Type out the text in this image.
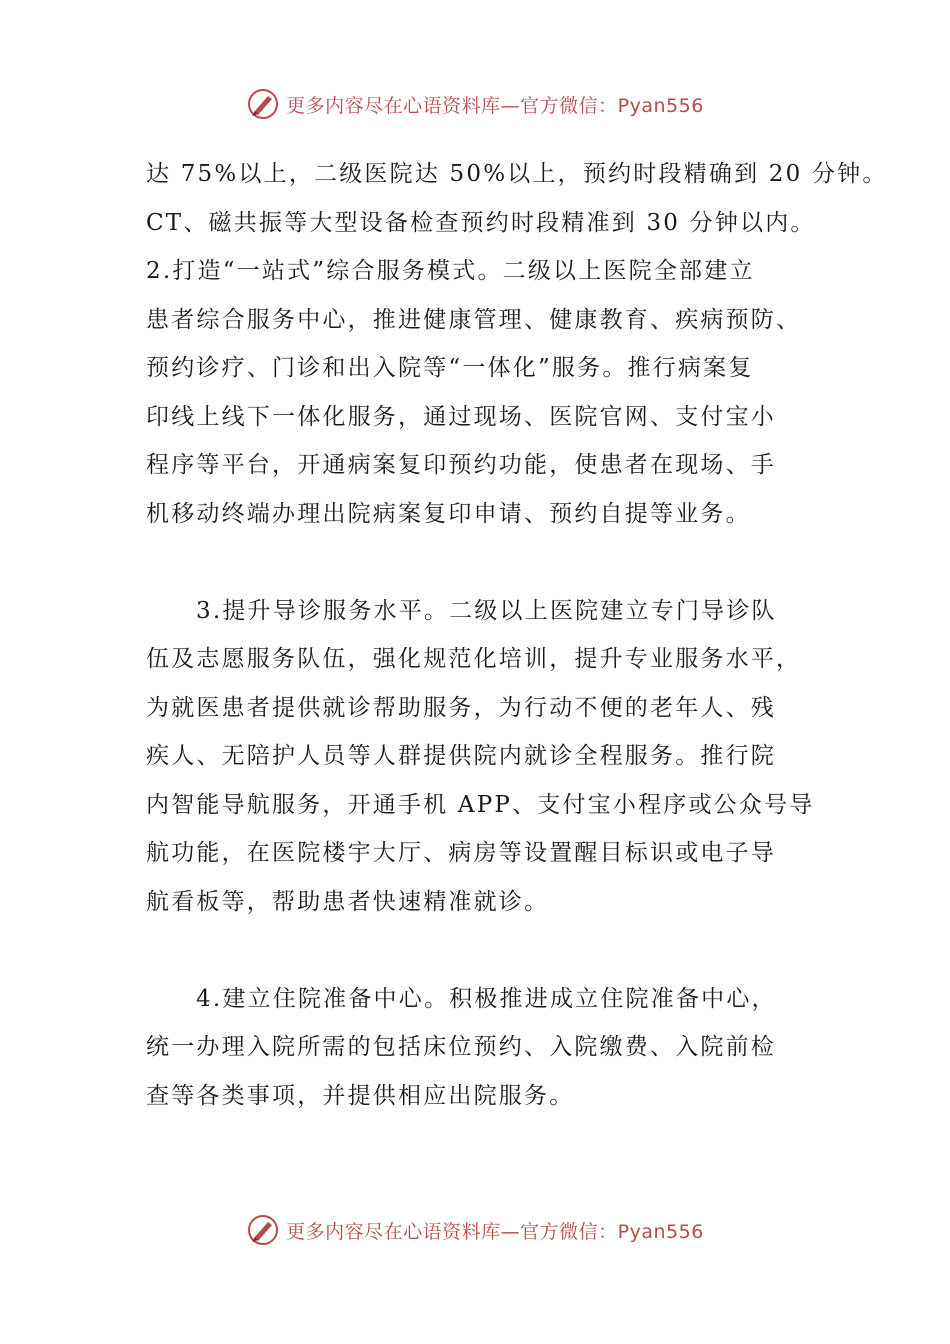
更多内容尽在心语资料库—官方微信：Pyan556
达 75%以上，二级医院达 50%以上，预约时段精确到 20 分钟。
CT、磁共振等大型设备检查预约时段精准到 30 分钟以内。
2.打造“一站式”综合服务模式。二级以上医院全部建立
患者综合服务中心，推进健康管理、健康教育、疾病预防、
预约诊疗、门诊和出入院等“一体化”服务。推行病案复
印线上线下一体化服务，通过现场、医院官网、支付宝小
程序等平台，开通病案复印预约功能，使患者在现场、手
机移动终端办理出院病案复印申请、预约自提等业务。
3.提升导诊服务水平。二级以上医院建立专门导诊队
伍及志愿服务队伍，强化规范化培训，提升专业服务水平，
为就医患者提供就诊帮助服务，为行动不便的老年人、残
疾人、无陪护人员等人群提供院内就诊全程服务。推行院
内智能导航服务，开通手机 APP、支付宝小程序或公众号导
航功能，在医院楼宇大厅、病房等设置醒目标识或电子导
航看板等，帮助患者快速精准就诊。
4.建立住院准备中心。积极推进成立住院准备中心，
统一办理入院所需的包括床位预约、入院缴费、入院前检
查等各类事项，并提供相应出院服务。
更多内容尽在心语资料库—官方微信：Pyan556
